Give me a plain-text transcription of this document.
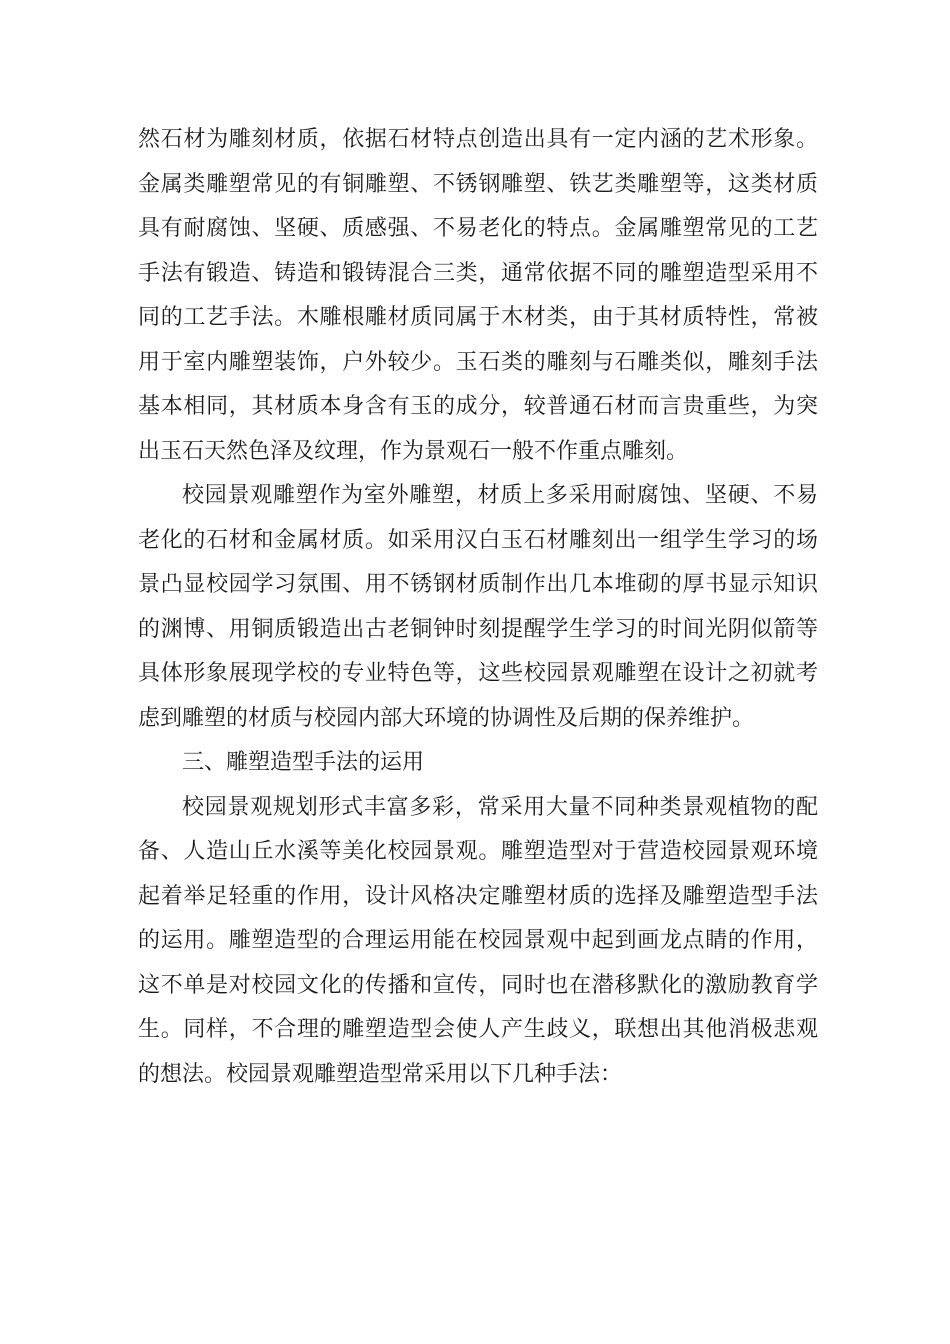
然石材为雕刻材质，依据石材特点创造出具有一定内涵的艺术形象。金属类雕塑常见的有铜雕塑、不锈钢雕塑、铁艺类雕塑等，这类材质具有耐腐蚀、坚硬、质感强、不易老化的特点。金属雕塑常见的工艺手法有锻造、铸造和锻铸混合三类，通常依据不同的雕塑造型采用不同的工艺手法。木雕根雕材质同属于木材类，由于其材质特性，常被用于室内雕塑装饰，户外较少。玉石类的雕刻与石雕类似，雕刻手法基本相同，其材质本身含有玉的成分，较普通石材而言贵重些，为突出玉石天然色泽及纹理，作为景观石一般不作重点雕刻。

校园景观雕塑作为室外雕塑，材质上多采用耐腐蚀、坚硬、不易老化的石材和金属材质。如采用汉白玉石材雕刻出一组学生学习的场景凸显校园学习氛围、用不锈钢材质制作出几本堆砌的厚书显示知识的渊博、用铜质锻造出古老铜钟时刻提醒学生学习的时间光阴似箭等具体形象展现学校的专业特色等，这些校园景观雕塑在设计之初就考虑到雕塑的材质与校园内部大环境的协调性及后期的保养维护。

三、雕塑造型手法的运用

校园景观规划形式丰富多彩，常采用大量不同种类景观植物的配备、人造山丘水溪等美化校园景观。雕塑造型对于营造校园景观环境起着举足轻重的作用，设计风格决定雕塑材质的选择及雕塑造型手法的运用。雕塑造型的合理运用能在校园景观中起到画龙点睛的作用，这不单是对校园文化的传播和宣传，同时也在潜移默化的激励教育学生。同样，不合理的雕塑造型会使人产生歧义，联想出其他消极悲观的想法。校园景观雕塑造型常采用以下几种手法：
